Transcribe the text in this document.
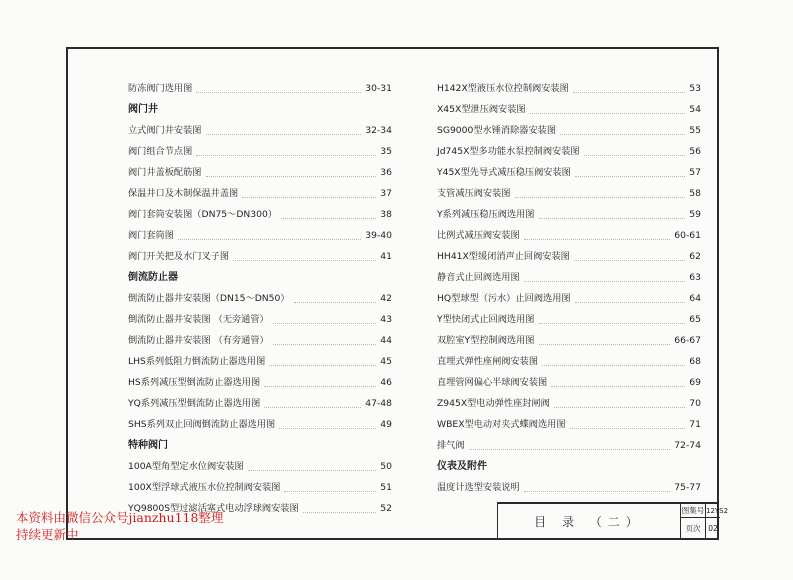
防冻阀门选用图	30-31
阀门井
立式阀门井安装图	32-34
阀门组合节点图	35
阀门井盖板配筋图	36
保温井口及木制保温井盖图	37
阀门套筒安装图（DN75～DN300）	38
阀门套筒图	39-40
阀门开关把及水门叉子图	41
倒流防止器
倒流防止器井安装图（DN15～DN50）	42
倒流防止器井安装图 （无旁通管）	43
倒流防止器井安装图 （有旁通管）	44
LHS系列低阻力倒流防止器选用图	45
HS系列减压型倒流防止器选用图	46
YQ系列减压型倒流防止器选用图	47-48
SHS系列双止回阀倒流防止器选用图	49
特种阀门
100A型角型定水位阀安装图	50
100X型浮球式液压水位控制阀安装图	51
YQ9800S型过滤活塞式电动浮球阀安装图	52
H142X型液压水位控制阀安装图	53
X45X型泄压阀安装图	54
SG9000型水锤消除器安装图	55
Jd745X型多功能水泵控制阀安装图	56
Y45X型先导式减压稳压阀安装图	57
支管减压阀安装图	58
Y系列减压稳压阀选用图	59
比例式减压阀安装图	60-61
HH41X型缓闭消声止回阀安装图	62
静音式止回阀选用图	63
HQ型球型（污水）止回阀选用图	64
Y型快闭式止回阀选用图	65
双腔室Y型控制阀选用图	66-67
直埋式弹性座闸阀安装图	68
直埋管网偏心半球阀安装图	69
Z945X型电动弹性座封闸阀	70
WBEX型电动对夹式蝶阀选用图	71
排气阀	72-74
仪表及附件
温度计选型安装说明	75-77
目 录 （二）
图集号 12YS2
页次	02
本资料由微信公众号jianzhu118整理
持续更新中
